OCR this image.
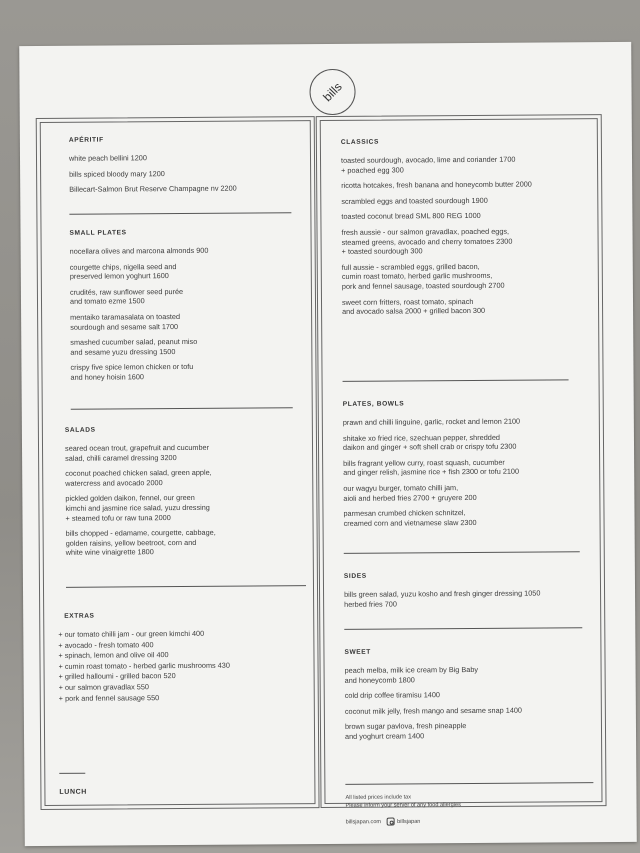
bills
APÉRITIF
white peach bellini 1200
bills spiced bloody mary 1200
Billecart-Salmon Brut Reserve Champagne nv 2200
SMALL PLATES
nocellara olives and marcona almonds 900
courgette chips, nigella seed and
preserved lemon yoghurt 1600
crudités, raw sunflower seed purée
and tomato ezme 1500
mentaiko taramasalata on toasted
sourdough and sesame salt 1700
smashed cucumber salad, peanut miso
and sesame yuzu dressing 1500
crispy five spice lemon chicken or tofu
and honey hoisin 1600
SALADS
seared ocean trout, grapefruit and cucumber
salad, chilli caramel dressing 3200
coconut poached chicken salad, green apple,
watercress and avocado 2000
pickled golden daikon, fennel, our green
kimchi and jasmine rice salad, yuzu dressing
+ steamed tofu or raw tuna 2000
bills chopped - edamame, courgette, cabbage,
golden raisins, yellow beetroot, corn and
white wine vinaigrette 1800
EXTRAS
+ our tomato chilli jam - our green kimchi 400
+ avocado - fresh tomato 400
+ spinach, lemon and olive oil 400
+ cumin roast tomato - herbed garlic mushrooms 430
+ grilled halloumi - grilled bacon 520
+ our salmon gravadlax 550
+ pork and fennel sausage 550
LUNCH
CLASSICS
toasted sourdough, avocado, lime and coriander 1700
+ poached egg 300
ricotta hotcakes, fresh banana and honeycomb butter 2000
scrambled eggs and toasted sourdough 1900
toasted coconut bread SML 800 REG 1000
fresh aussie - our salmon gravadlax, poached eggs,
steamed greens, avocado and cherry tomatoes 2300
+ toasted sourdough 300
full aussie - scrambled eggs, grilled bacon,
cumin roast tomato, herbed garlic mushrooms,
pork and fennel sausage, toasted sourdough 2700
sweet corn fritters, roast tomato, spinach
and avocado salsa 2000 + grilled bacon 300
PLATES, BOWLS
prawn and chilli linguine, garlic, rocket and lemon 2100
shitake xo fried rice, szechuan pepper, shredded
daikon and ginger + soft shell crab or crispy tofu 2300
bills fragrant yellow curry, roast squash, cucumber
and ginger relish, jasmine rice + fish 2300 or tofu 2100
our wagyu burger, tomato chilli jam,
aioli and herbed fries 2700 + gruyere 200
parmesan crumbed chicken schnitzel,
creamed corn and vietnamese slaw 2300
SIDES
bills green salad, yuzu kosho and fresh ginger dressing 1050
herbed fries 700
SWEET
peach melba, milk ice cream by Big Baby
and honeycomb 1800
cold drip coffee tiramisu 1400
coconut milk jelly, fresh mango and sesame snap 1400
brown sugar pavlova, fresh pineapple
and yoghurt cream 1400
All listed prices include tax
Please inform your server of any food allergies
billsjapan.com	billsjapan
